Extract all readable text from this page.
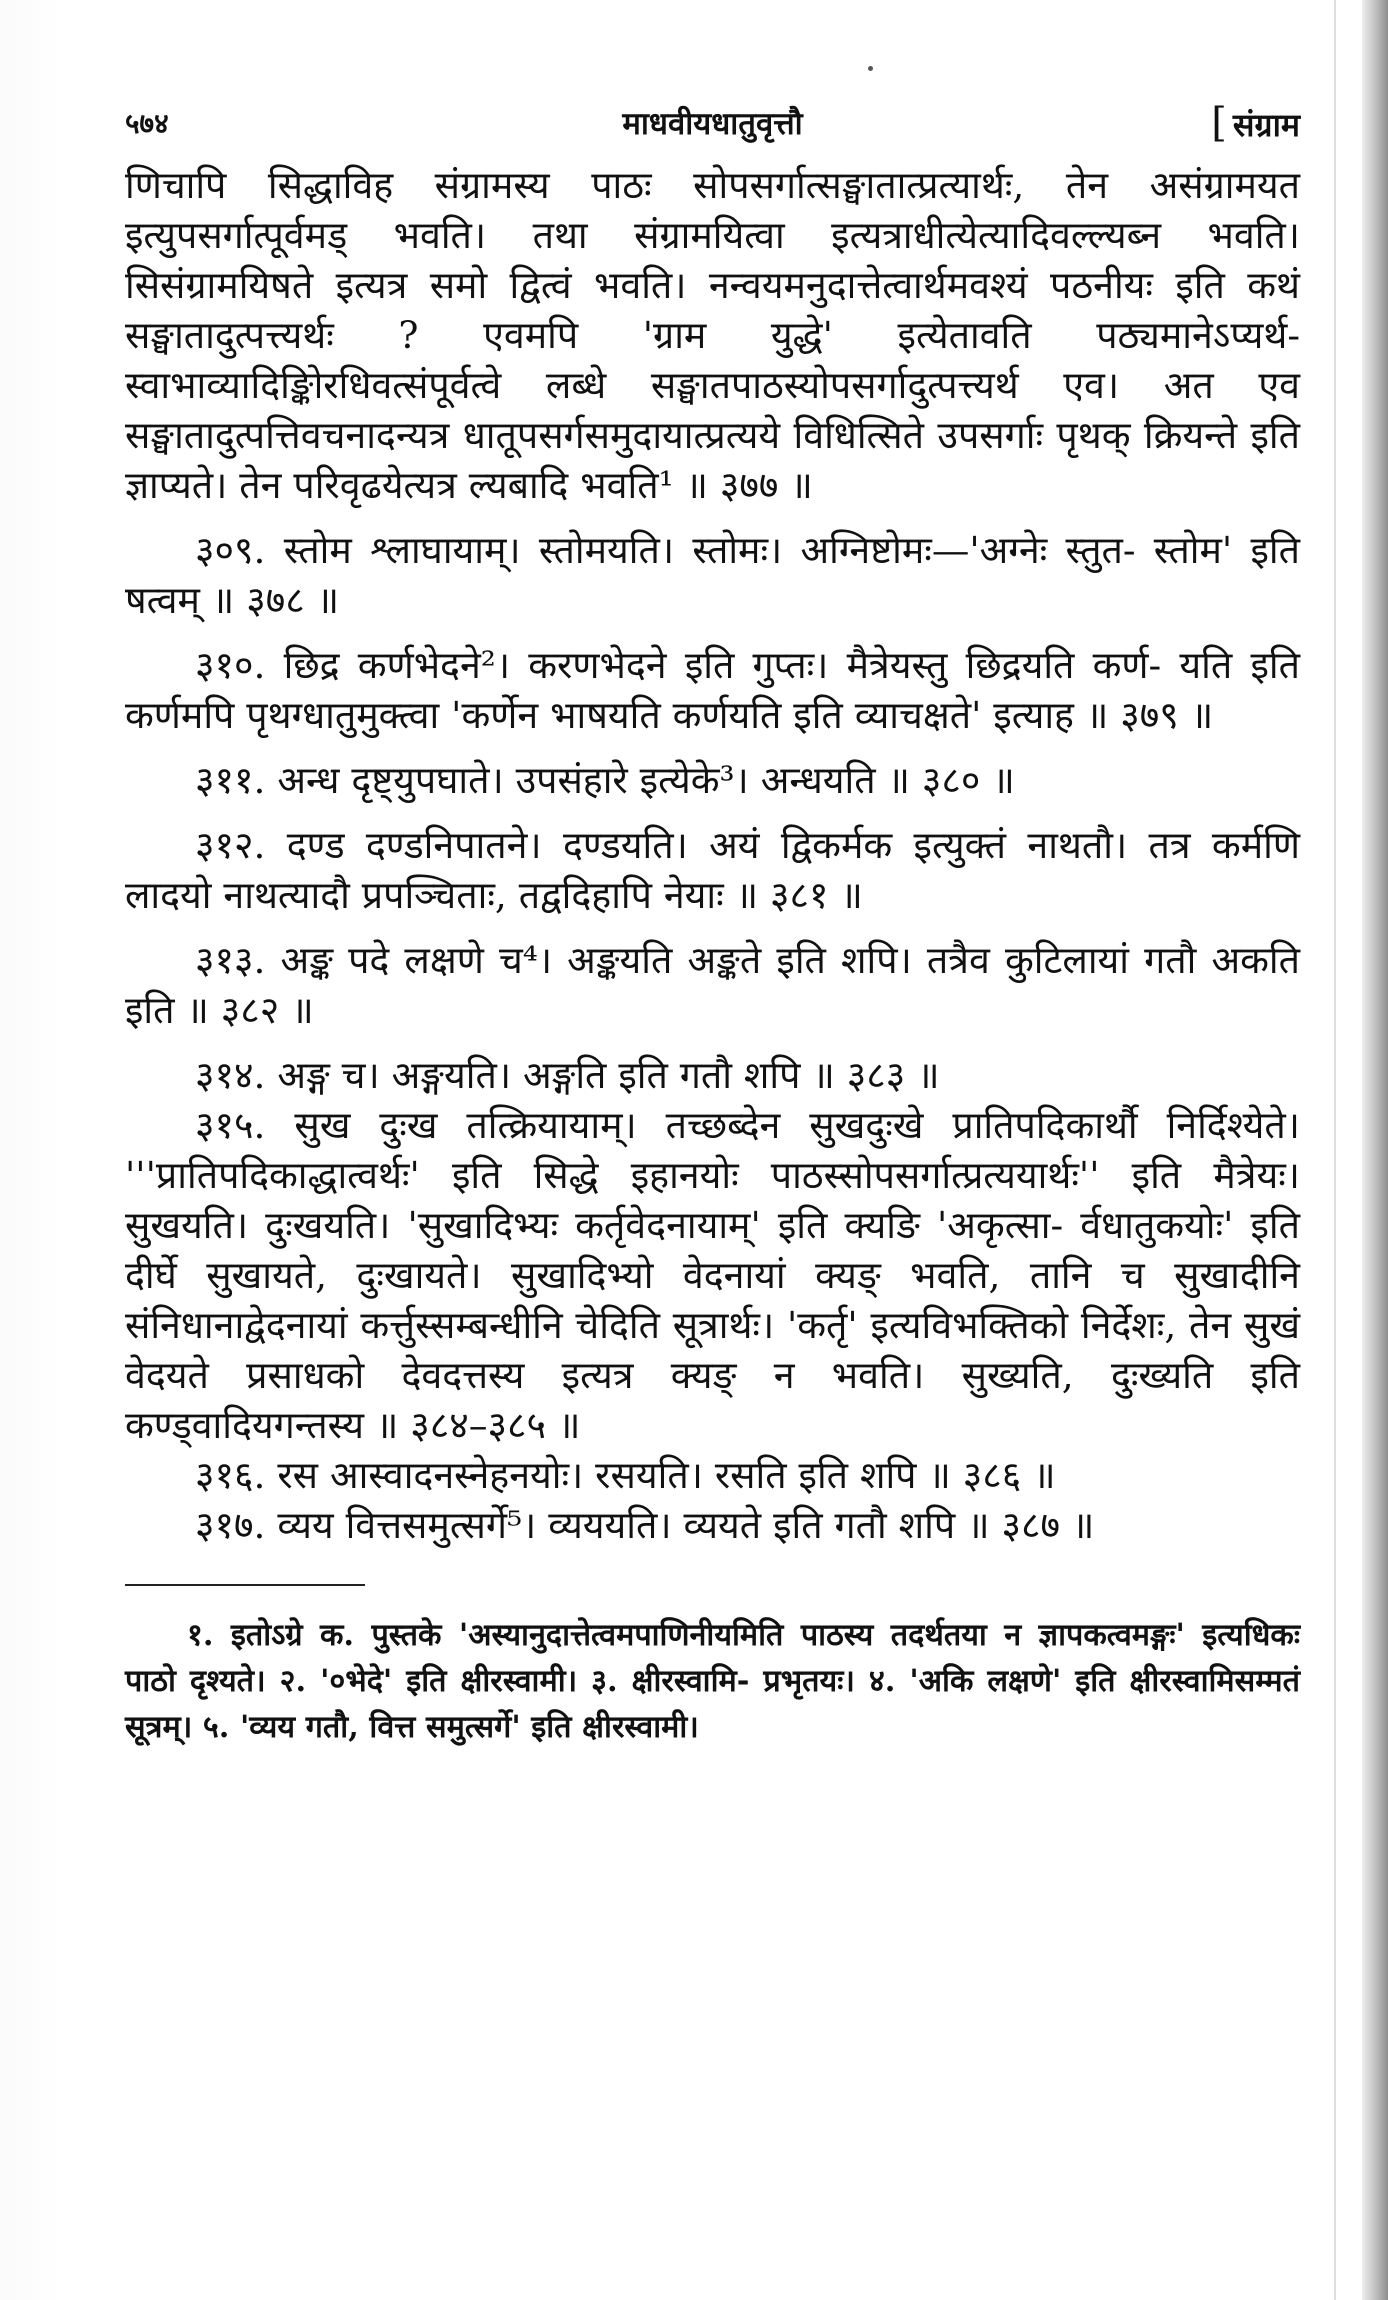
५७४	माधवीयधातुवृत्तौ	[ संग्राम

णिचापि सिद्धाविह संग्रामस्य पाठः सोपसर्गात्सङ्घातात्प्रत्यार्थः, तेन असंग्रामयत इत्युपसर्गात्पूर्वमड् भवति। तथा संग्रामयित्वा इत्यत्राधीत्येत्यादिवल्ल्यब्न भवति। सिसंग्रामयिषते इत्यत्र समो द्वित्वं भवति। नन्वयमनुदात्तेत्वार्थमवश्यं पठनीयः इति कथं सङ्घातादुत्पत्त्यर्थः ? एवमपि 'ग्राम युद्धे' इत्येतावति पठ्यमानेऽप्यर्थ- स्वाभाव्यादिङ्किोरधिवत्संपूर्वत्वे लब्धे सङ्घातपाठस्योपसर्गादुत्पत्त्यर्थ एव। अत एव सङ्घातादुत्पत्तिवचनादन्यत्र धातूपसर्गसमुदायात्प्रत्यये विधित्सिते उपसर्गाः पृथक् क्रियन्ते इति ज्ञाप्यते। तेन परिवृढयेत्यत्र ल्यबादि भवति¹ ॥ ३७७ ॥

३०९. स्तोम श्लाघायाम्। स्तोमयति। स्तोमः। अग्निष्टोमः—'अग्नेः स्तुत- स्तोम' इति षत्वम् ॥ ३७८ ॥

३१०. छिद्र कर्णभेदने²। करणभेदने इति गुप्तः। मैत्रेयस्तु छिद्रयति कर्ण- यति इति कर्णमपि पृथग्धातुमुक्त्वा 'कर्णेन भाषयति कर्णयति इति व्याचक्षते' इत्याह ॥ ३७९ ॥

३११. अन्ध दृष्ट्युपघाते। उपसंहारे इत्येके³। अन्धयति ॥ ३८० ॥

३१२. दण्ड दण्डनिपातने। दण्डयति। अयं द्विकर्मक इत्युक्तं नाथतौ। तत्र कर्मणि लादयो नाथत्यादौ प्रपञ्चिताः, तद्वदिहापि नेयाः ॥ ३८१ ॥

३१३. अङ्क पदे लक्षणे च⁴। अङ्कयति अङ्कते इति शपि। तत्रैव कुटिलायां गतौ अकति इति ॥ ३८२ ॥

३१४. अङ्ग च। अङ्गयति। अङ्गति इति गतौ शपि ॥ ३८३ ॥

३१५. सुख दुःख तत्क्रियायाम्। तच्छब्देन सुखदुःखे प्रातिपदिकार्थौ निर्दिश्येते। '''प्रातिपदिकाद्धात्वर्थः' इति सिद्धे इहानयोः पाठस्सोपसर्गात्प्रत्ययार्थः'' इति मैत्रेयः। सुखयति। दुःखयति। 'सुखादिभ्यः कर्तृवेदनायाम्' इति क्यङि 'अकृत्सा- र्वधातुकयोः' इति दीर्घे सुखायते, दुःखायते। सुखादिभ्यो वेदनायां क्यङ् भवति, तानि च सुखादीनि संनिधानाद्वेदनायां कर्त्तुस्सम्बन्धीनि चेदिति सूत्रार्थः। 'कर्तृ' इत्यविभक्तिको निर्देशः, तेन सुखं वेदयते प्रसाधको देवदत्तस्य इत्यत्र क्यङ् न भवति। सुख्यति, दुःख्यति इति कण्ड्वादियगन्तस्य ॥ ३८४–३८५ ॥

३१६. रस आस्वादनस्नेहनयोः। रसयति। रसति इति शपि ॥ ३८६ ॥

३१७. व्यय वित्तसमुत्सर्गे⁵। व्यययति। व्ययते इति गतौ शपि ॥ ३८७ ॥

१. इतोऽग्रे क. पुस्तके 'अस्यानुदात्तेत्वमपाणिनीयमिति पाठस्य तदर्थतया न ज्ञापकत्वमङ्गः' इत्यधिकः पाठो दृश्यते। २. '०भेदे' इति क्षीरस्वामी। ३. क्षीरस्वामि- प्रभृतयः। ४. 'अकि लक्षणे' इति क्षीरस्वामिसम्मतं सूत्रम्। ५. 'व्यय गतौ, वित्त समुत्सर्गे' इति क्षीरस्वामी।
